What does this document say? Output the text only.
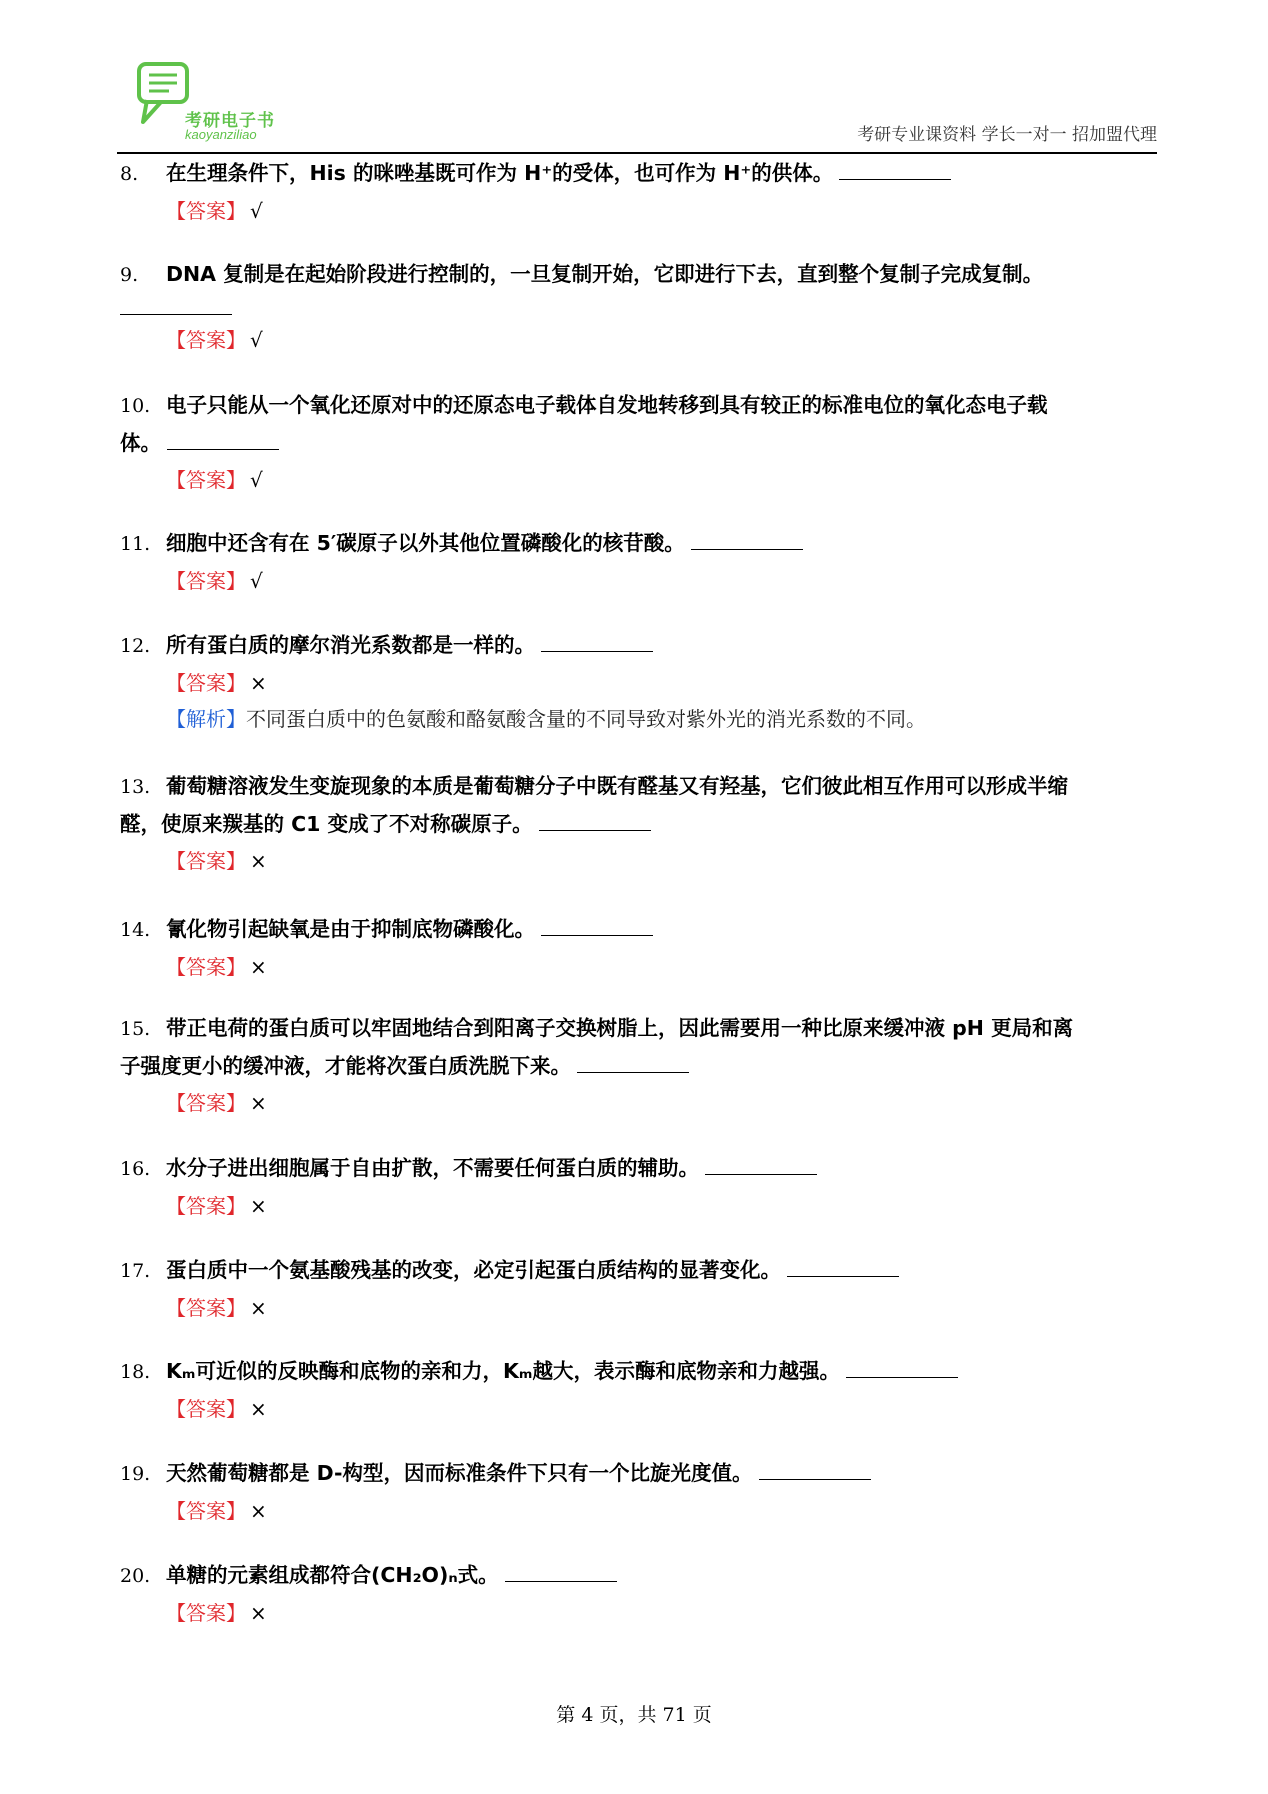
考研电子书
kaoyanziliao	考研专业课资料 学长一对一 招加盟代理
8. 在生理条件下，His 的咪唑基既可作为 H⁺的受体，也可作为 H⁺的供体。
【答案】 √
9. DNA 复制是在起始阶段进行控制的，一旦复制开始，它即进行下去，直到整个复制子完成复制。
【答案】 √
10. 电子只能从一个氧化还原对中的还原态电子载体自发地转移到具有较正的标准电位的氧化态电子载
体。
【答案】 √
11. 细胞中还含有在 5′碳原子以外其他位置磷酸化的核苷酸。
【答案】 √
12. 所有蛋白质的摩尔消光系数都是一样的。
【答案】 ×
【解析】不同蛋白质中的色氨酸和酪氨酸含量的不同导致对紫外光的消光系数的不同。
13. 葡萄糖溶液发生变旋现象的本质是葡萄糖分子中既有醛基又有羟基，它们彼此相互作用可以形成半缩
醛，使原来羰基的 C1 变成了不对称碳原子。
【答案】 ×
14. 氰化物引起缺氧是由于抑制底物磷酸化。
【答案】 ×
15. 带正电荷的蛋白质可以牢固地结合到阳离子交换树脂上，因此需要用一种比原来缓冲液 pH 更局和离
子强度更小的缓冲液，才能将次蛋白质洗脱下来。
【答案】 ×
16. 水分子进出细胞属于自由扩散，不需要任何蛋白质的辅助。
【答案】 ×
17. 蛋白质中一个氨基酸残基的改变，必定引起蛋白质结构的显著变化。
【答案】 ×
18. Kₘ可近似的反映酶和底物的亲和力，Kₘ越大，表示酶和底物亲和力越强。
【答案】 ×
19. 天然葡萄糖都是 D-构型，因而标准条件下只有一个比旋光度值。
【答案】 ×
20. 单糖的元素组成都符合(CH₂O)ₙ式。
【答案】 ×
第 4 页，共 71 页
